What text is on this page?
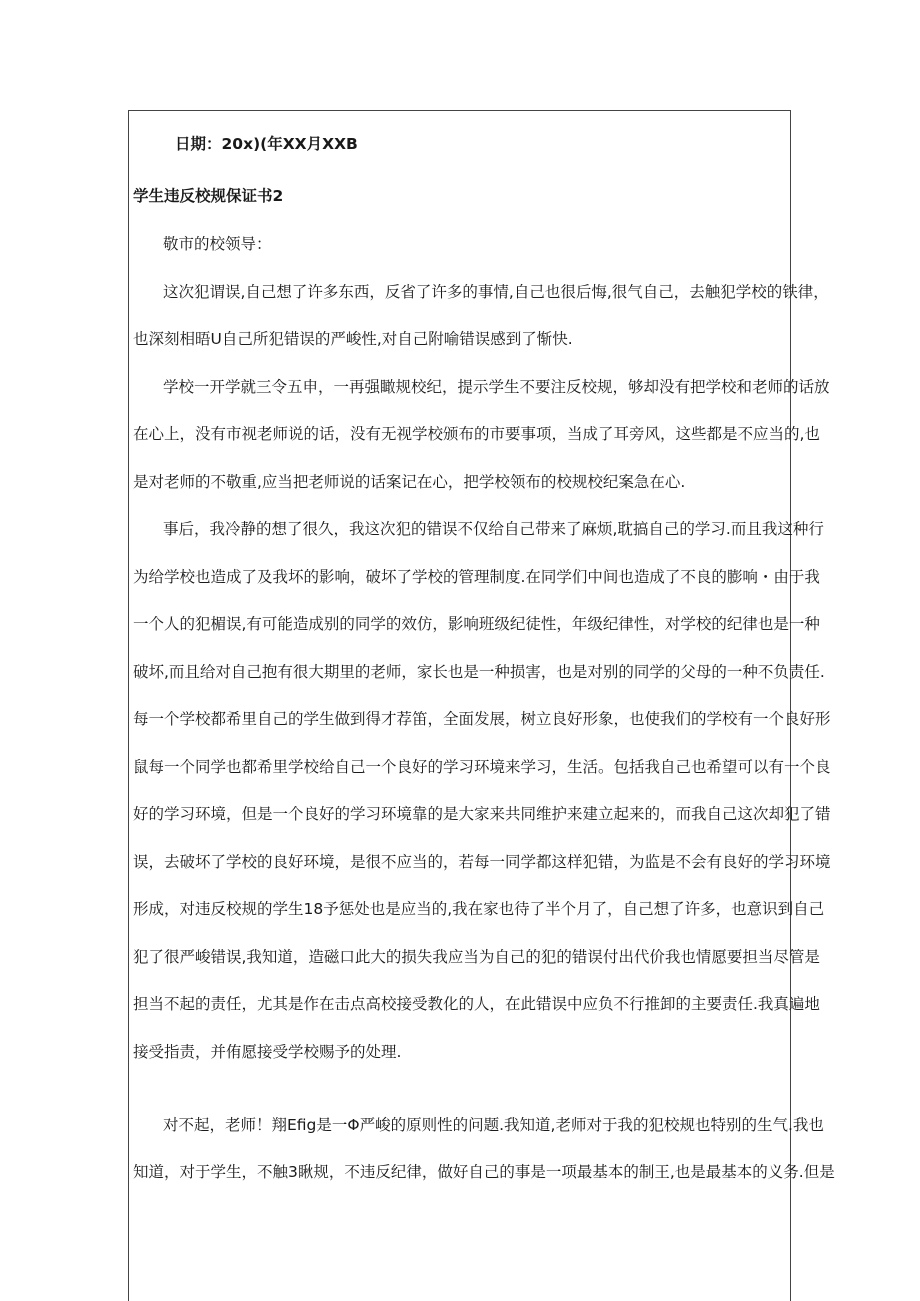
日期：20x)(年XX月XXB
学生违反校规保证书2
敬市的校领导：
这次犯谓误,自己想了许多东西，反省了许多的事情,自己也很后悔,很气自己，去触犯学校的铁律，
也深刻相晤U自己所犯错误的严峻性,对自己附喻错误感到了惭快.
学校一开学就三令五申，一再强瞰规校纪，提示学生不要注反校规，够却没有把学校和老师的话放
在心上，没有市视老师说的话，没有无视学校颁布的市要事项，当成了耳旁风，这些都是不应当的,也
是对老师的不敬重,应当把老师说的话案记在心，把学校领布的校规校纪案急在心.
事后，我冷静的想了很久，我这次犯的错误不仅给自己带来了麻烦,耽搞自己的学习.而且我这种行
为给学校也造成了及我坏的影响，破坏了学校的管理制度.在同学们中间也造成了不良的膨响・由于我
一个人的犯楣误,有可能造成别的同学的效仿，影响班级纪徒性，年级纪律性，对学校的纪律也是一种
破坏,而且给对自己抱有很大期里的老师，家长也是一种损害，也是对别的同学的父母的一种不负责任.
每一个学校都希里自己的学生做到得才荐笛，全面发展，树立良好形象，也使我们的学校有一个良好形
鼠每一个同学也都希里学校给自己一个良好的学习环境来学习，生活。包括我自己也希望可以有一个良
好的学习环境，但是一个良好的学习环境靠的是大家来共同维护来建立起来的，而我自己这次却犯了错
误，去破坏了学校的良好环境，是很不应当的，若每一同学都这样犯错，为监是不会有良好的学习环境
形成，对违反校规的学生18予惩处也是应当的,我在家也待了半个月了，自己想了许多，也意识到自己
犯了很严峻错误,我知道，造磁口此大的损失我应当为自己的犯的错误付出代价我也情愿要担当尽管是
担当不起的责任，尤其是作在击点高校接受教化的人，在此错误中应负不行推卸的主要责任.我真遍地
接受指责，并侑愿接受学校赐予的处理.
对不起，老师！翔Efig是一Φ严峻的原则性的问题.我知道,老师对于我的犯校规也特别的生气.我也
知道，对于学生，不触3瞅规，不违反纪律，做好自己的事是一项最基本的制王,也是最基本的义务.但是
